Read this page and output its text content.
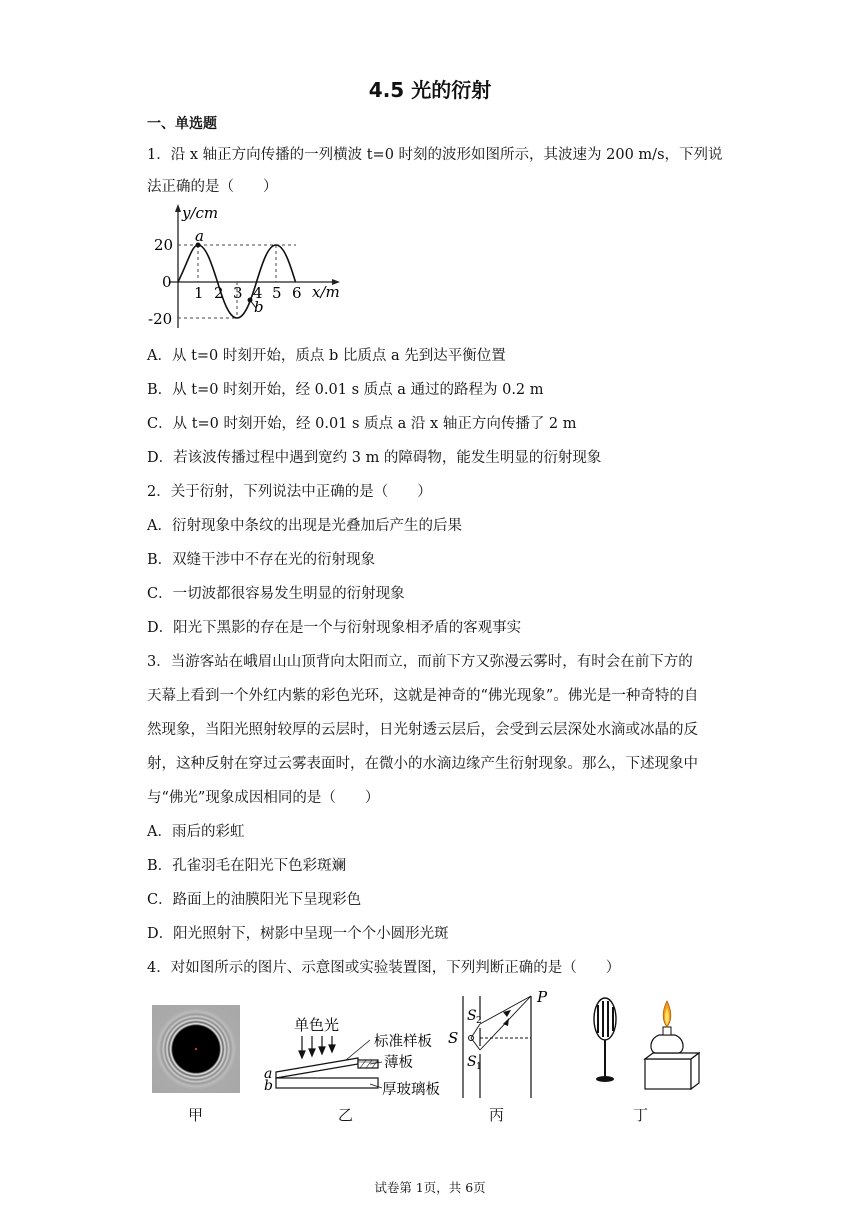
4.5 光的衍射
一、单选题
1．沿 x 轴正方向传播的一列横波 t=0 时刻的波形如图所示，其波速为 200 m/s，下列说
法正确的是（　　）
y/cm
x/m
20
0
-20
1 2 3 4 5 6
a
b
A．从 t=0 时刻开始，质点 b 比质点 a 先到达平衡位置
B．从 t=0 时刻开始，经 0.01 s 质点 a 通过的路程为 0.2 m
C．从 t=0 时刻开始，经 0.01 s 质点 a 沿 x 轴正方向传播了 2 m
D．若该波传播过程中遇到宽约 3 m 的障碍物，能发生明显的衍射现象
2．关于衍射，下列说法中正确的是（　　）
A．衍射现象中条纹的出现是光叠加后产生的后果
B．双缝干涉中不存在光的衍射现象
C．一切波都很容易发生明显的衍射现象
D．阳光下黑影的存在是一个与衍射现象相矛盾的客观事实
3．当游客站在峨眉山山顶背向太阳而立，而前下方又弥漫云雾时，有时会在前下方的
天幕上看到一个外红内紫的彩色光环，这就是神奇的“佛光现象”。佛光是一种奇特的自
然现象，当阳光照射较厚的云层时，日光射透云层后，会受到云层深处水滴或冰晶的反
射，这种反射在穿过云雾表面时，在微小的水滴边缘产生衍射现象。那么，下述现象中
与“佛光”现象成因相同的是（　　）
A．雨后的彩虹
B．孔雀羽毛在阳光下色彩斑斓
C．路面上的油膜阳光下呈现彩色
D．阳光照射下，树影中呈现一个个小圆形光斑
4．对如图所示的图片、示意图或实验装置图，下列判断正确的是（　　）
甲
单色光
标准样板
薄板
厚玻璃板
a
b
乙
P
S
S 2
S 1
丙	丁
试卷第 1页，共 6页
